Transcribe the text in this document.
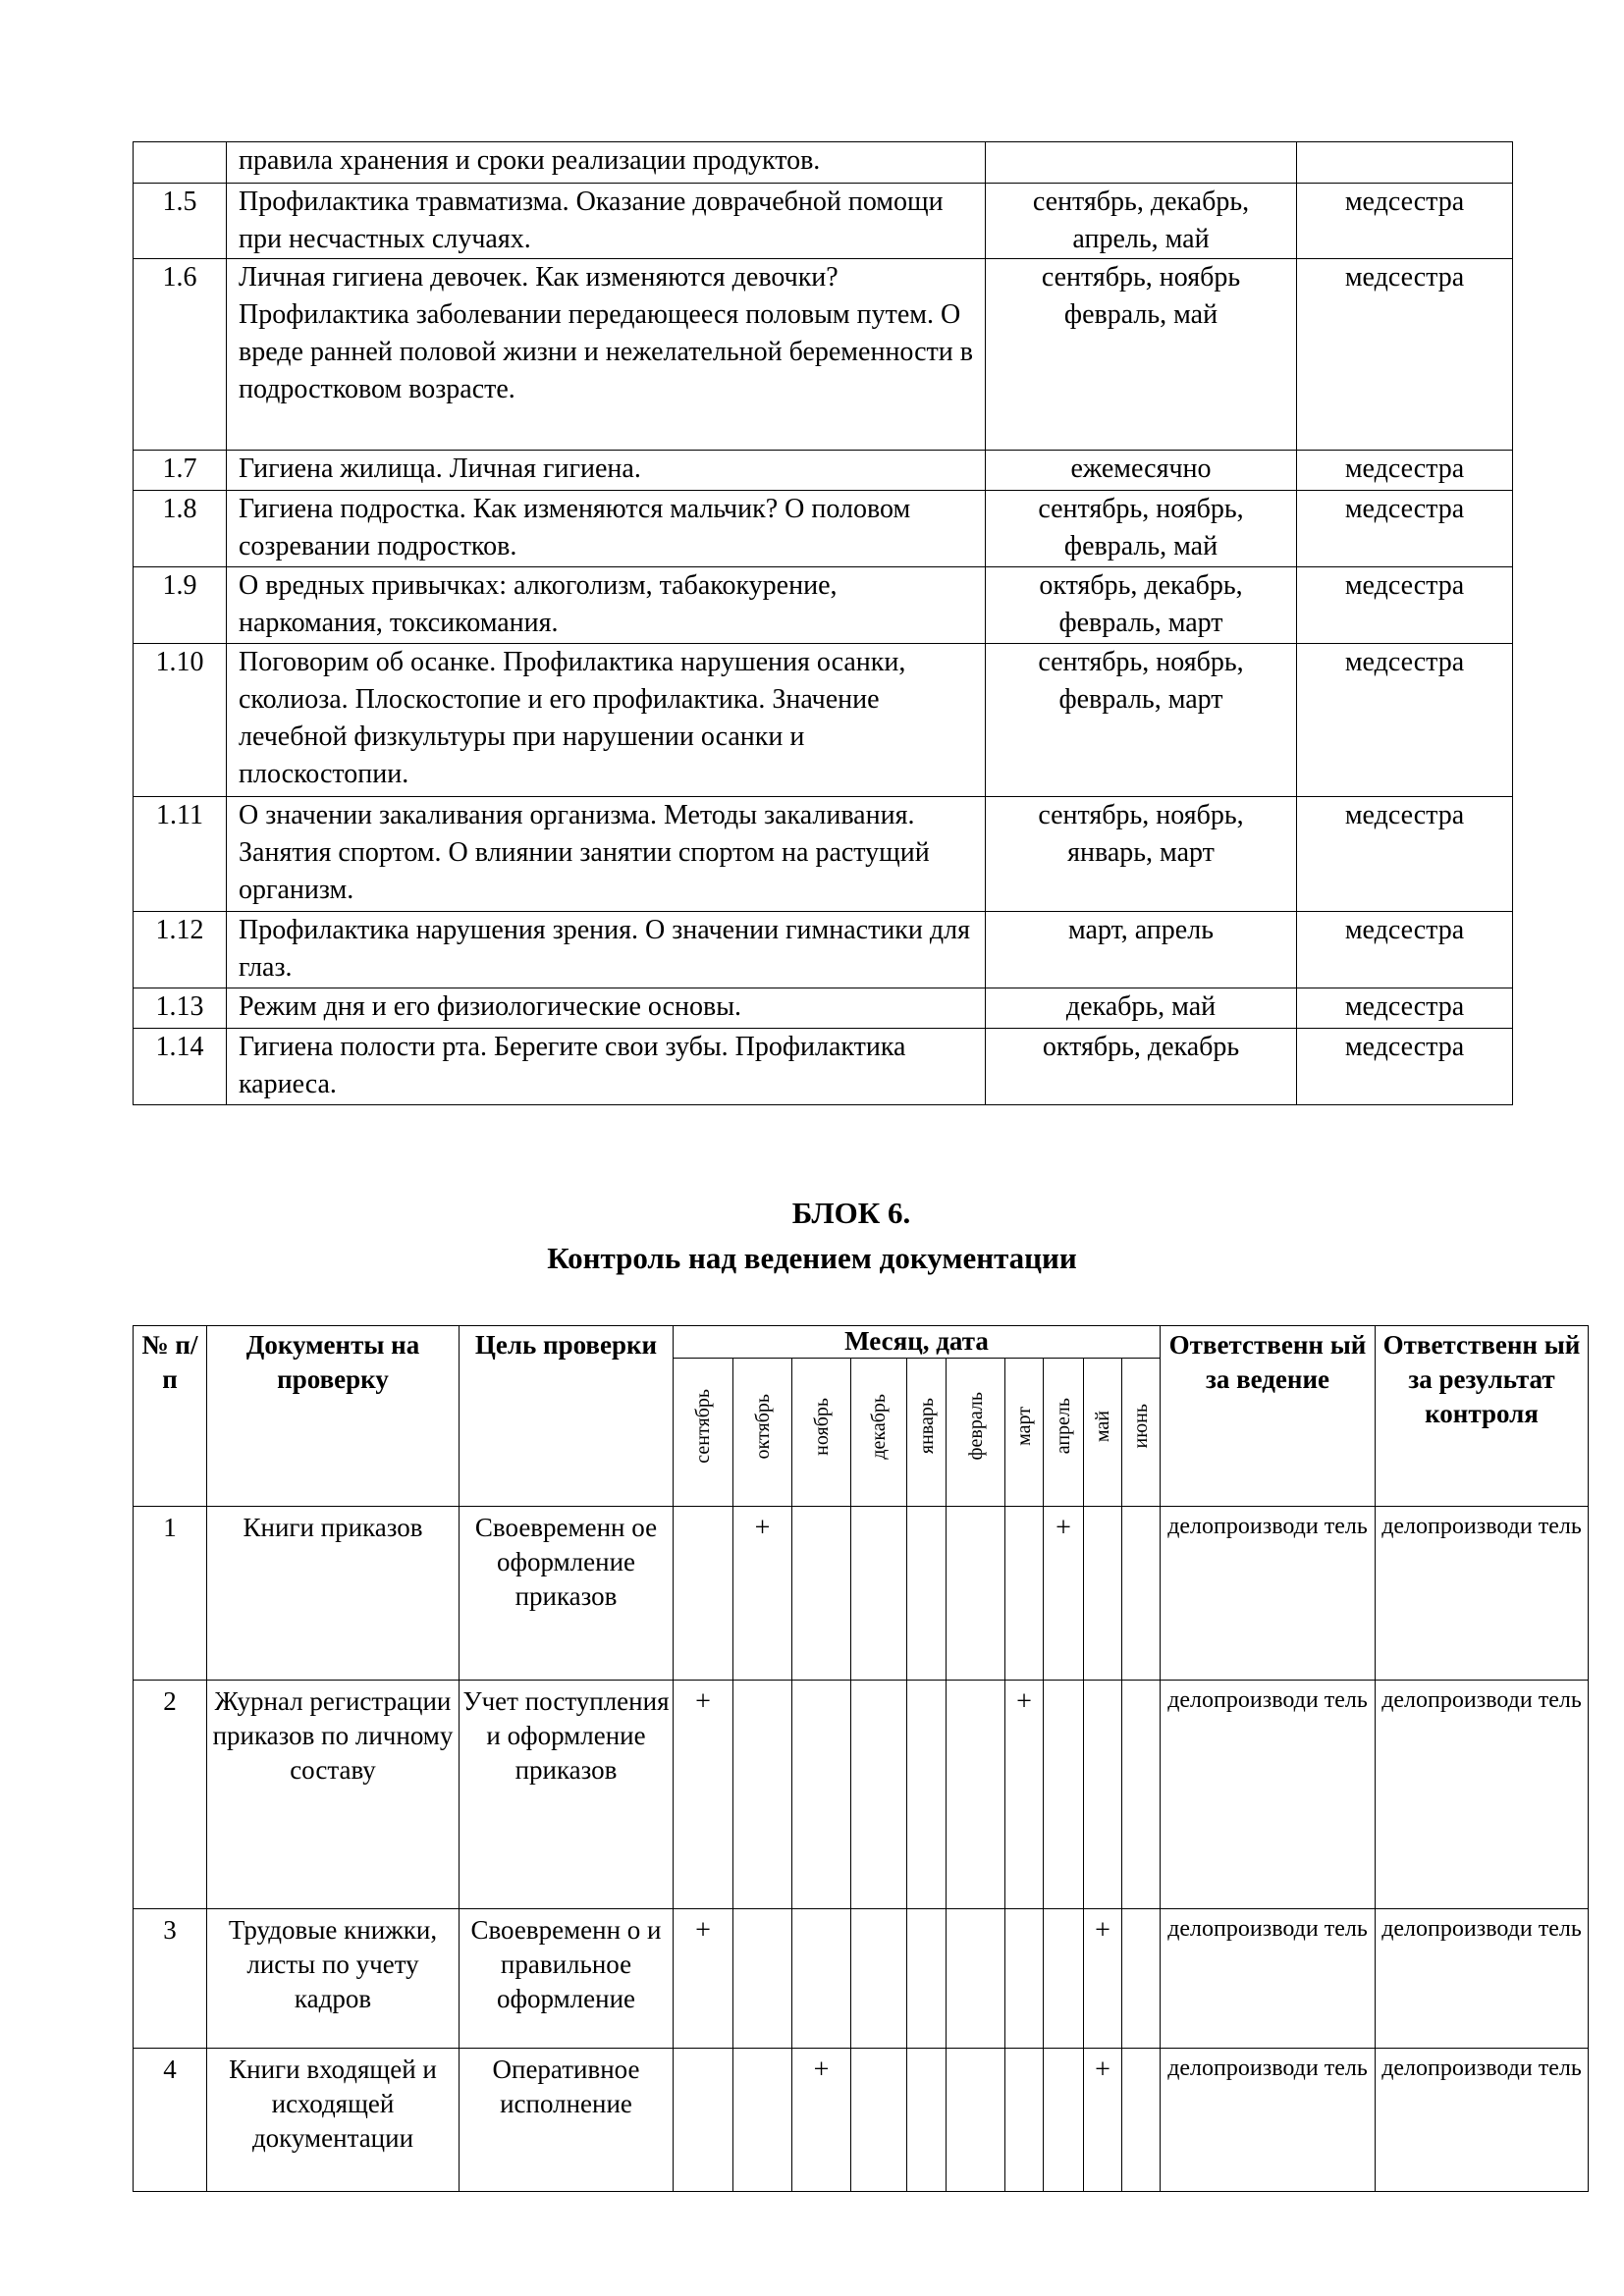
	правила хранения и сроки реализации продуктов.		
1.5	Профилактика травматизма. Оказание доврачебной помощи при несчастных случаях.	сентябрь, декабрь, апрель, май	медсестра
1.6	Личная гигиена девочек. Как изменяются девочки? Профилактика заболевании передающееся половым путем. О вреде ранней половой жизни и нежелательной беременности в подростковом возрасте.	сентябрь, ноябрь февраль, май	медсестра
1.7	Гигиена жилища. Личная гигиена.	ежемесячно	медсестра
1.8	Гигиена подростка. Как изменяются мальчик? О половом созревании подростков.	сентябрь, ноябрь, февраль, май	медсестра
1.9	О вредных привычках: алкоголизм, табакокурение, наркомания, токсикомания.	октябрь, декабрь, февраль, март	медсестра
1.10	Поговорим об осанке. Профилактика нарушения осанки, сколиоза. Плоскостопие и его профилактика. Значение лечебной физкультуры при нарушении осанки и плоскостопии.	сентябрь, ноябрь, февраль, март	медсестра
1.11	О значении закаливания организма. Методы закаливания. Занятия спортом. О влиянии занятии спортом на растущий организм.	сентябрь, ноябрь, январь, март	медсестра
1.12	Профилактика нарушения зрения. О значении гимнастики для глаз.	март, апрель	медсестра
1.13	Режим дня и его физиологические основы.	декабрь, май	медсестра
1.14	Гигиена полости рта. Берегите свои зубы. Профилактика кариеса.	октябрь, декабрь	медсестра
БЛОК 6.
Контроль над ведением документации
№ п/п	Документы на проверку	Цель проверки	Месяц, дата										Ответственн ый за ведение	Ответственн ый за результат контроля
			сентябрь	октябрь	ноябрь	декабрь	январь	февраль	март	апрель	май	июнь		
1	Книги приказов	Своевременн ое оформление приказов		+						+			делопроизводи тель	делопроизводи тель
2	Журнал регистрации приказов по личному составу	Учет поступления и оформление приказов	+						+				делопроизводи тель	делопроизводи тель
3	Трудовые книжки, листы по учету кадров	Своевременн о и правильное оформление	+								+		делопроизводи тель	делопроизводи тель
4	Книги входящей и исходящей документации	Оперативное исполнение			+						+		делопроизводи тель	делопроизводи тель
